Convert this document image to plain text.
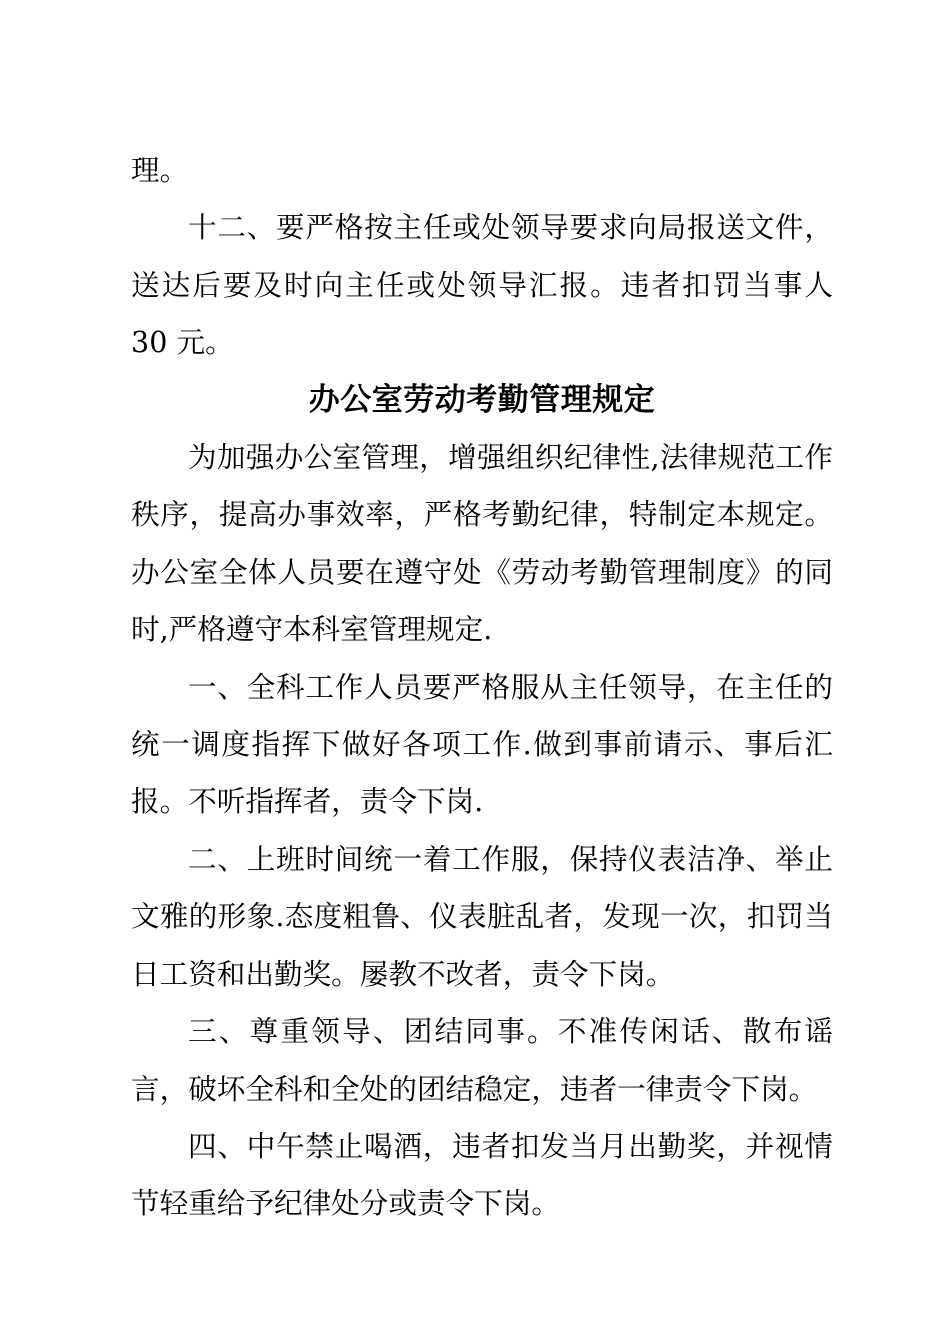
理。

十二、要严格按主任或处领导要求向局报送文件，送达后要及时向主任或处领导汇报。违者扣罚当事人 30 元。

办公室劳动考勤管理规定

为加强办公室管理，增强组织纪律性,法律规范工作秩序，提高办事效率，严格考勤纪律，特制定本规定。办公室全体人员要在遵守处《劳动考勤管理制度》的同时,严格遵守本科室管理规定.

一、全科工作人员要严格服从主任领导，在主任的统一调度指挥下做好各项工作.做到事前请示、事后汇报。不听指挥者，责令下岗.

二、上班时间统一着工作服，保持仪表洁净、举止文雅的形象.态度粗鲁、仪表脏乱者，发现一次，扣罚当日工资和出勤奖。屡教不改者，责令下岗。

三、尊重领导、团结同事。不准传闲话、散布谣言，破坏全科和全处的团结稳定，违者一律责令下岗。

四、中午禁止喝酒，违者扣发当月出勤奖，并视情节轻重给予纪律处分或责令下岗。
